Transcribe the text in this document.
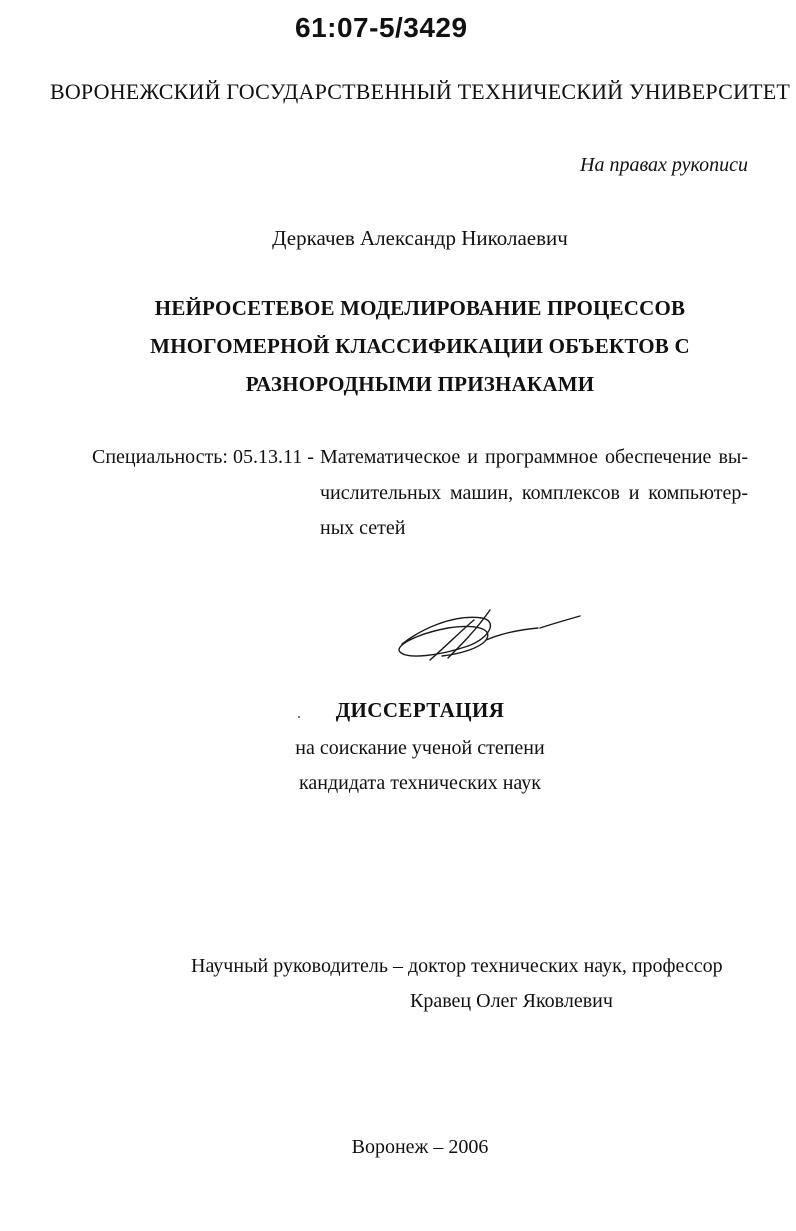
61:07-5/3429
ВОРОНЕЖСКИЙ ГОСУДАРСТВЕННЫЙ ТЕХНИЧЕСКИЙ УНИВЕРСИТЕТ
На правах рукописи
Деркачев Александр Николаевич
НЕЙРОСЕТЕВОЕ МОДЕЛИРОВАНИЕ ПРОЦЕССОВ
МНОГОМЕРНОЙ КЛАССИФИКАЦИИ ОБЪЕКТОВ С
РАЗНОРОДНЫМИ ПРИЗНАКАМИ
Специальность: 05.13.11 - Математическое и программное обеспечение вы-
числительных машин, комплексов и компьютер-
ных сетей
ДИССЕРТАЦИЯ
на соискание ученой степени
кандидата технических наук
Научный руководитель – доктор технических наук, профессор
Кравец Олег Яковлевич
Воронеж – 2006
